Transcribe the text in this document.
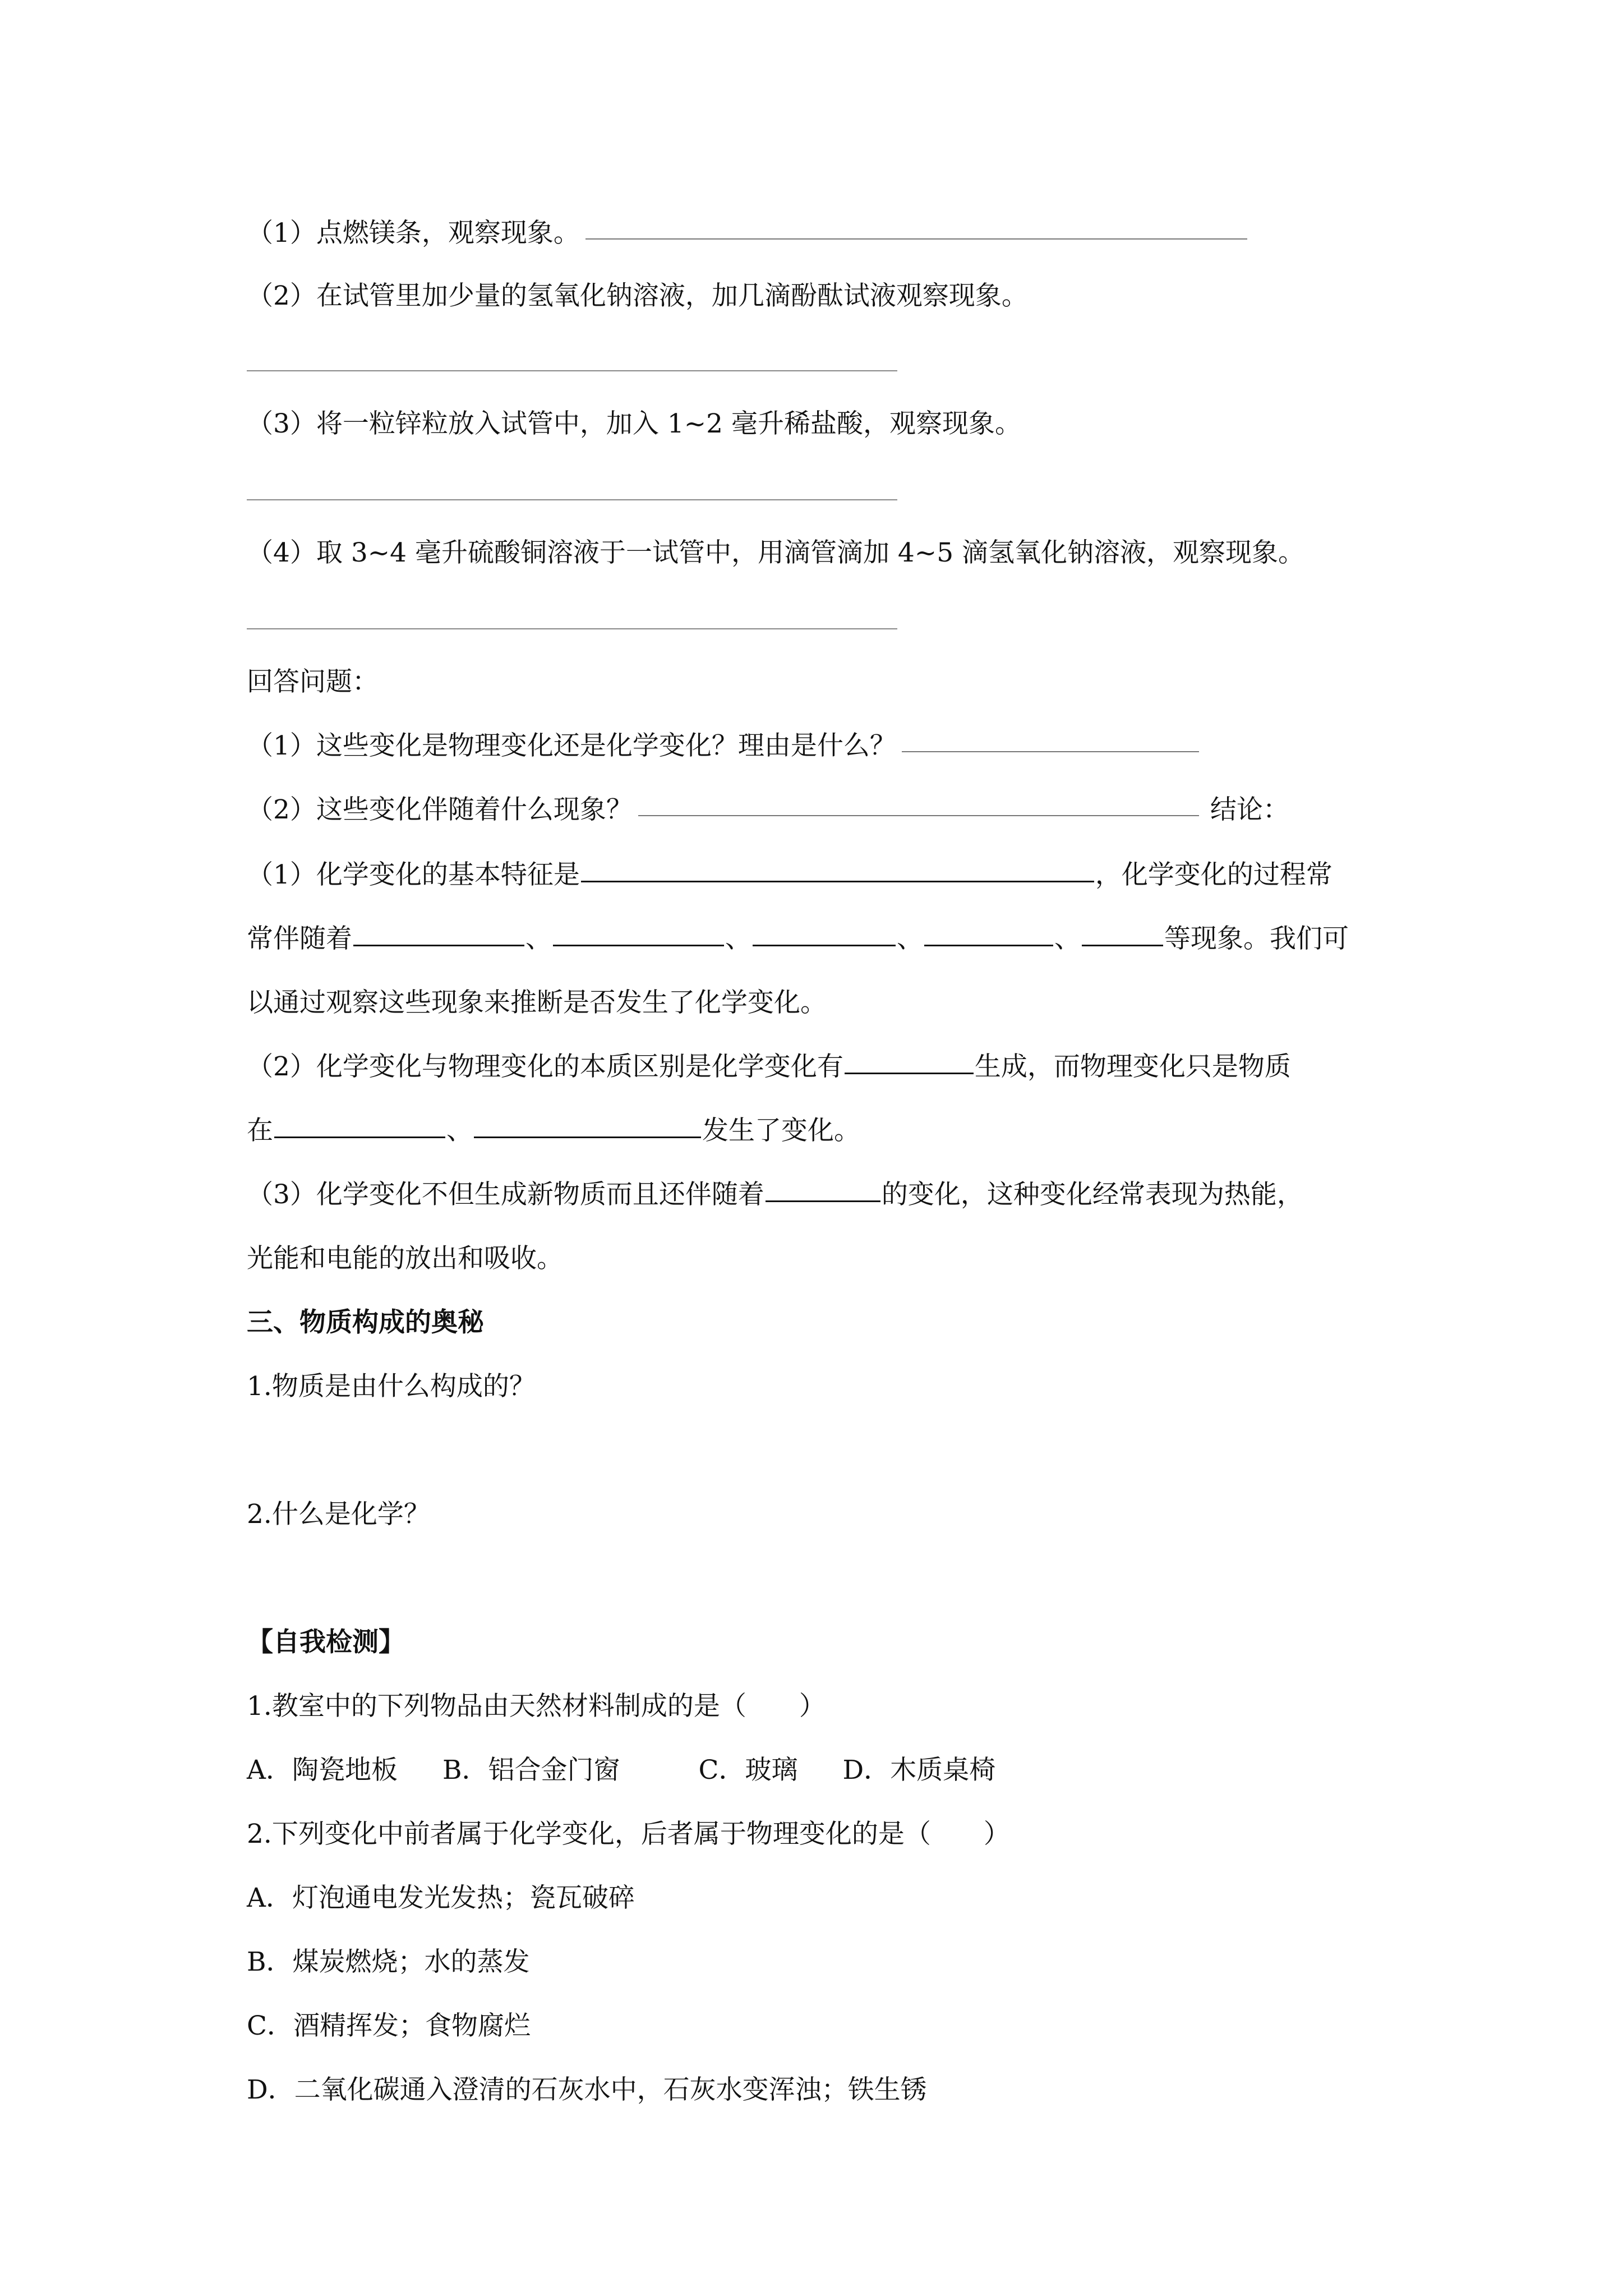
（1）点燃镁条，观察现象。
（2）在试管里加少量的氢氧化钠溶液，加几滴酚酞试液观察现象。
（3）将一粒锌粒放入试管中，加入 1~2 毫升稀盐酸，观察现象。
（4）取 3~4 毫升硫酸铜溶液于一试管中，用滴管滴加 4~5 滴氢氧化钠溶液，观察现象。
回答问题：
（1）这些变化是物理变化还是化学变化？理由是什么？
（2）这些变化伴随着什么现象？	结论：
（1）化学变化的基本特征是	，化学变化的过程常
常伴随着	、	、	、	、	等现象。我们可
以通过观察这些现象来推断是否发生了化学变化。
（2）化学变化与物理变化的本质区别是化学变化有	生成，而物理变化只是物质
在	、	发生了变化。
（3）化学变化不但生成新物质而且还伴随着	的变化，这种变化经常表现为热能，
光能和电能的放出和吸收。
三、物质构成的奥秘
1.物质是由什么构成的？
2.什么是化学？
【自我检测】
1.教室中的下列物品由天然材料制成的是（　　）
A．陶瓷地板 B．铝合金门窗	C．玻璃 D．木质桌椅
2.下列变化中前者属于化学变化，后者属于物理变化的是（　　）
A．灯泡通电发光发热；瓷瓦破碎
B．煤炭燃烧；水的蒸发
C．酒精挥发；食物腐烂
D．二氧化碳通入澄清的石灰水中，石灰水变浑浊；铁生锈
